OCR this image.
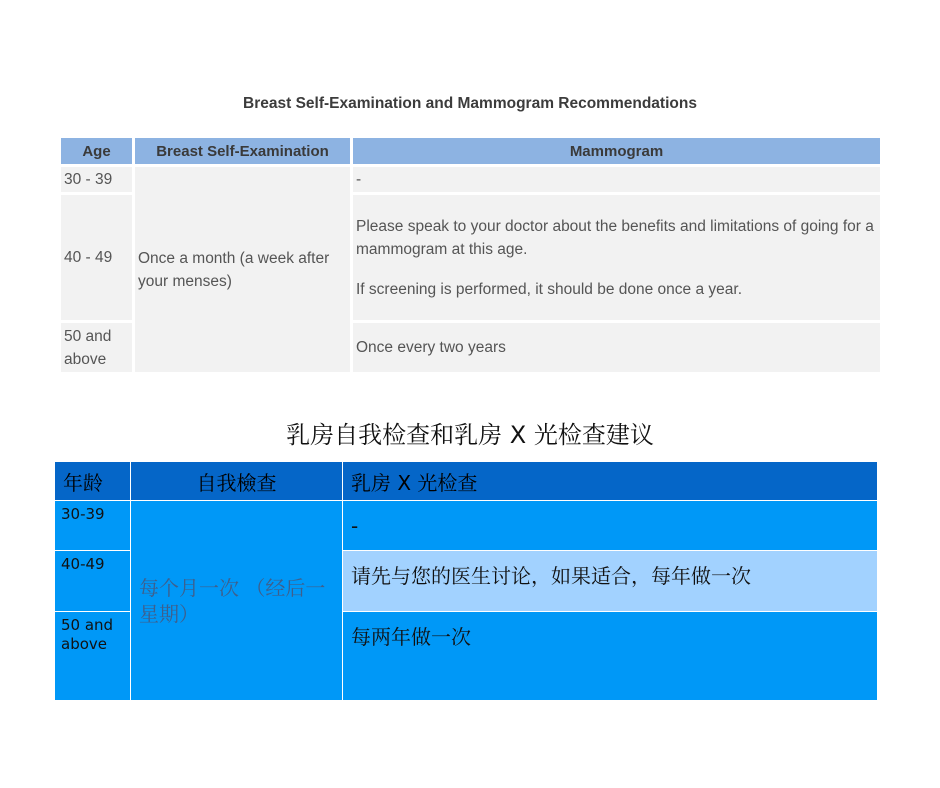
Breast Self-Examination and Mammogram Recommendations
Age	Breast Self-Examination	Mammogram
30 - 39	Once a month (a week after your menses)	-
40 - 49		Please speak to your doctor about the benefits and limitations of going for a mammogram at this age.

If screening is performed, it should be done once a year.

50 and above		Once every two years
乳房自我检查和乳房 X 光检查建议
年龄	自我檢查	乳房 X 光检查
30-39	每个月一次 （经后一星期）	-
40-49		请先与您的医生讨论，如果适合，每年做一次
50 and above		每两年做一次
